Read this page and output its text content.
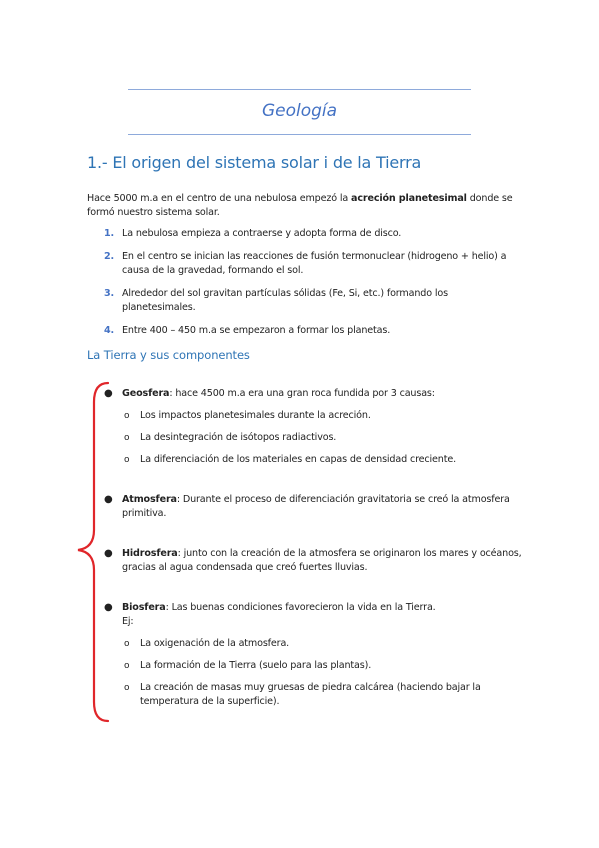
Geología
1.- El origen del sistema solar i de la Tierra
Hace 5000 m.a en el centro de una nebulosa empezó la acreción planetesimal donde se formó nuestro sistema solar.
1. La nebulosa empieza a contraerse y adopta forma de disco.
2. En el centro se inician las reacciones de fusión termonuclear (hidrogeno + helio) a causa de la gravedad, formando el sol.
3. Alrededor del sol gravitan partículas sólidas (Fe, Si, etc.) formando los planetesimales.
4. Entre 400 – 450 m.a se empezaron a formar los planetas.
La Tierra y sus componentes
● Geosfera: hace 4500 m.a era una gran roca fundida por 3 causas:
o Los impactos planetesimales durante la acreción.
o La desintegración de isótopos radiactivos.
o La diferenciación de los materiales en capas de densidad creciente.
● Atmosfera: Durante el proceso de diferenciación gravitatoria se creó la atmosfera primitiva.
● Hidrosfera: junto con la creación de la atmosfera se originaron los mares y océanos, gracias al agua condensada que creó fuertes lluvias.
● Biosfera: Las buenas condiciones favorecieron la vida en la Tierra.
Ej:
o La oxigenación de la atmosfera.
o La formación de la Tierra (suelo para las plantas).
o La creación de masas muy gruesas de piedra calcárea (haciendo bajar la temperatura de la superficie).
